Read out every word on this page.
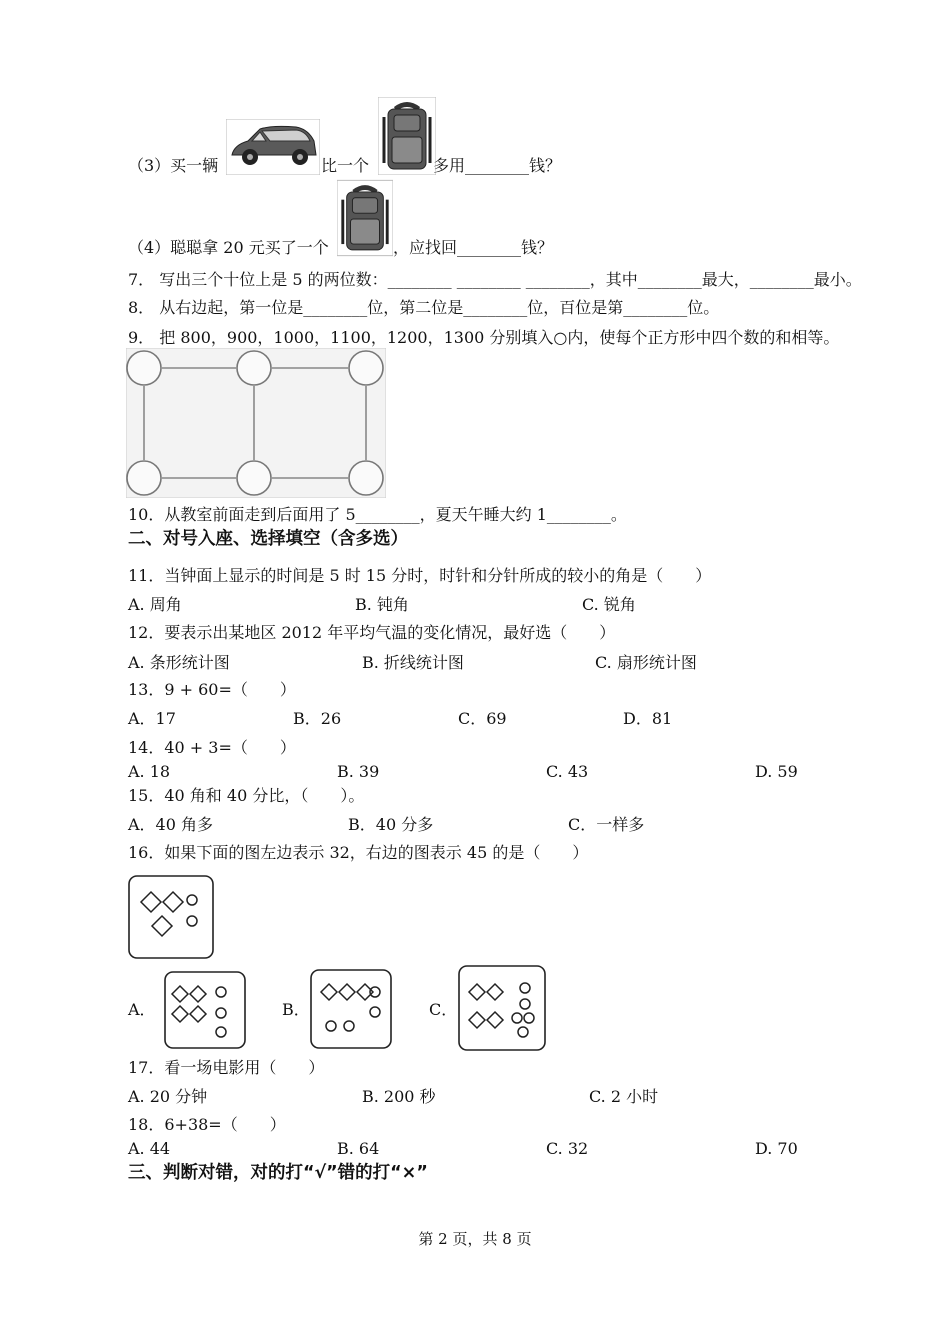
（3）买一辆	比一个	多用________钱？
（4）聪聪拿 20 元买了一个	，应找回________钱？
7． 写出三个十位上是 5 的两位数：________ ________ ________，其中________最大，________最小。
8． 从右边起，第一位是________位，第二位是________位，百位是第________位。
9． 把 800，900，1000，1100，1200，1300 分别填入○内，使每个正方形中四个数的和相等。
10．从教室前面走到后面用了 5________，夏天午睡大约 1________。
二、对号入座、选择填空（含多选）
11．当钟面上显示的时间是 5 时 15 分时，时针和分针所成的较小的角是（　　）
A. 周角	B. 钝角	C. 锐角
12．要表示出某地区 2012 年平均气温的变化情况，最好选（　　）
A. 条形统计图	B. 折线统计图	C. 扇形统计图
13．9 + 60=（　　）
A．17	B．26	C．69	D．81
14．40 + 3=（　　）
A. 18	B. 39	C. 43	D. 59
15．40 角和 40 分比，（　　）。
A．40 角多	B．40 分多	C．一样多
16．如果下面的图左边表示 32，右边的图表示 45 的是（　　）
A．	B．	C．
17．看一场电影用（　　）
A. 20 分钟	B. 200 秒	C. 2 小时
18．6+38=（　　）
A. 44	B. 64	C. 32	D. 70
三、判断对错，对的打“√”错的打“×”
第 2 页，共 8 页
